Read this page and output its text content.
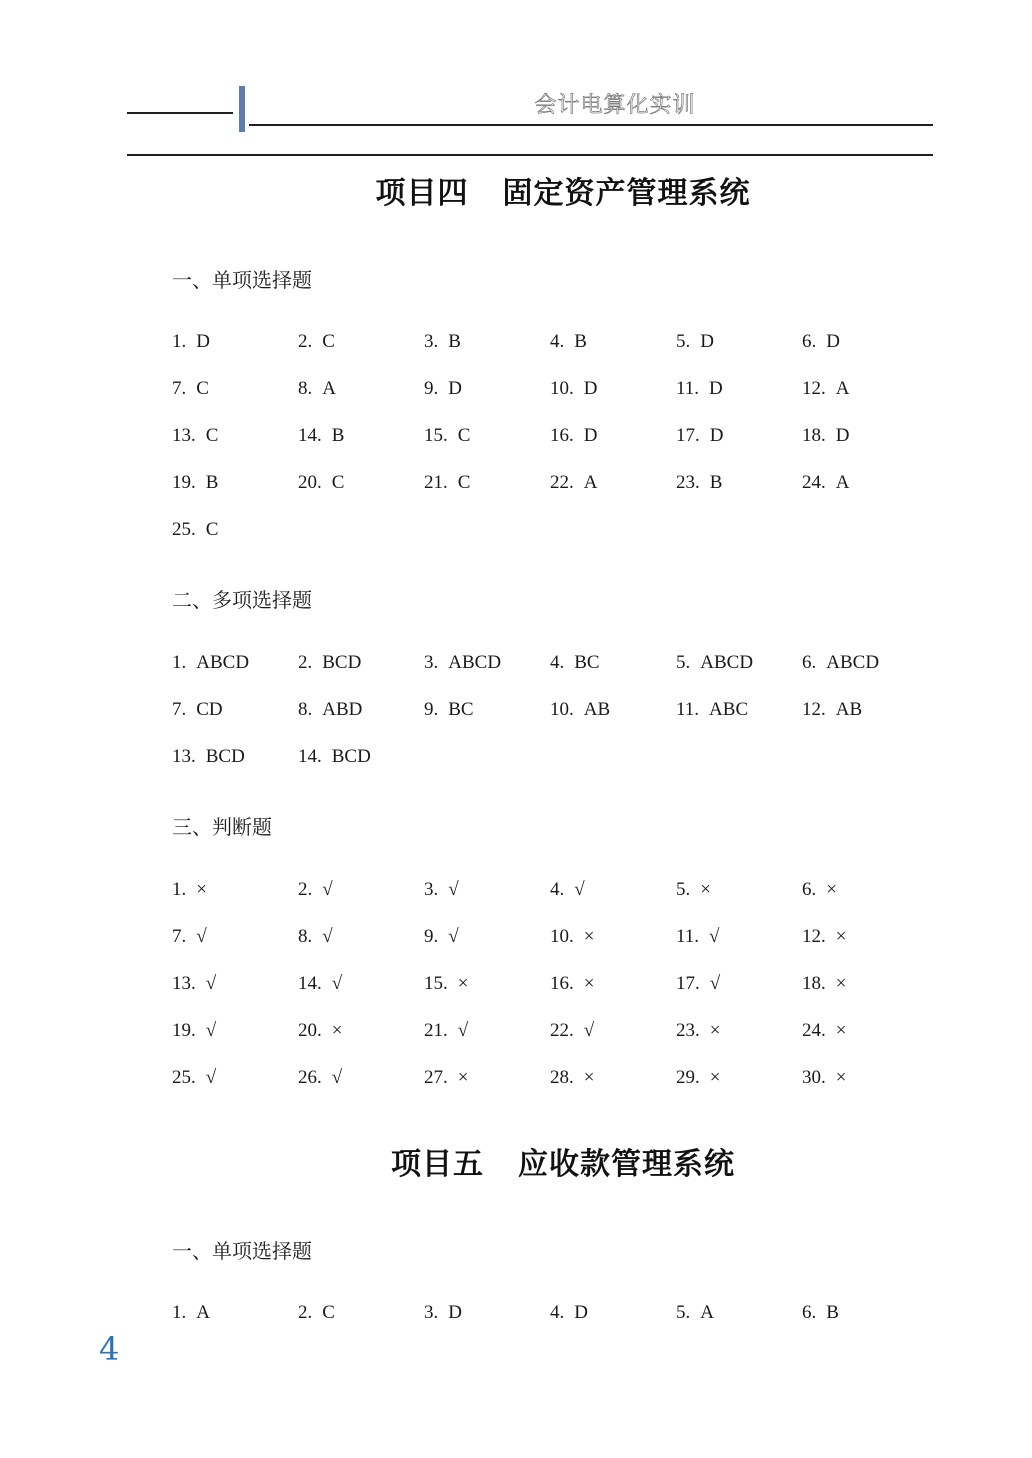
会计电算化实训
项目四 固定资产管理系统
一、单项选择题
1. D	2. C	3. B	4. B	5. D	6. D
7. C	8. A	9. D	10. D	11. D	12. A
13. C	14. B	15. C	16. D	17. D	18. D
19. B	20. C	21. C	22. A	23. B	24. A
25. C
二、多项选择题
1. ABCD	2. BCD	3. ABCD	4. BC	5. ABCD	6. ABCD
7. CD	8. ABD	9. BC	10. AB	11. ABC	12. AB
13. BCD	14. BCD
三、判断题
1. ×	2. √	3. √	4. √	5. ×	6. ×
7. √	8. √	9. √	10. ×	11. √	12. ×
13. √	14. √	15. ×	16. ×	17. √	18. ×
19. √	20. ×	21. √	22. √	23. ×	24. ×
25. √	26. √	27. ×	28. ×	29. ×	30. ×
项目五 应收款管理系统
一、单项选择题
1. A	2. C	3. D	4. D	5. A	6. B
4
